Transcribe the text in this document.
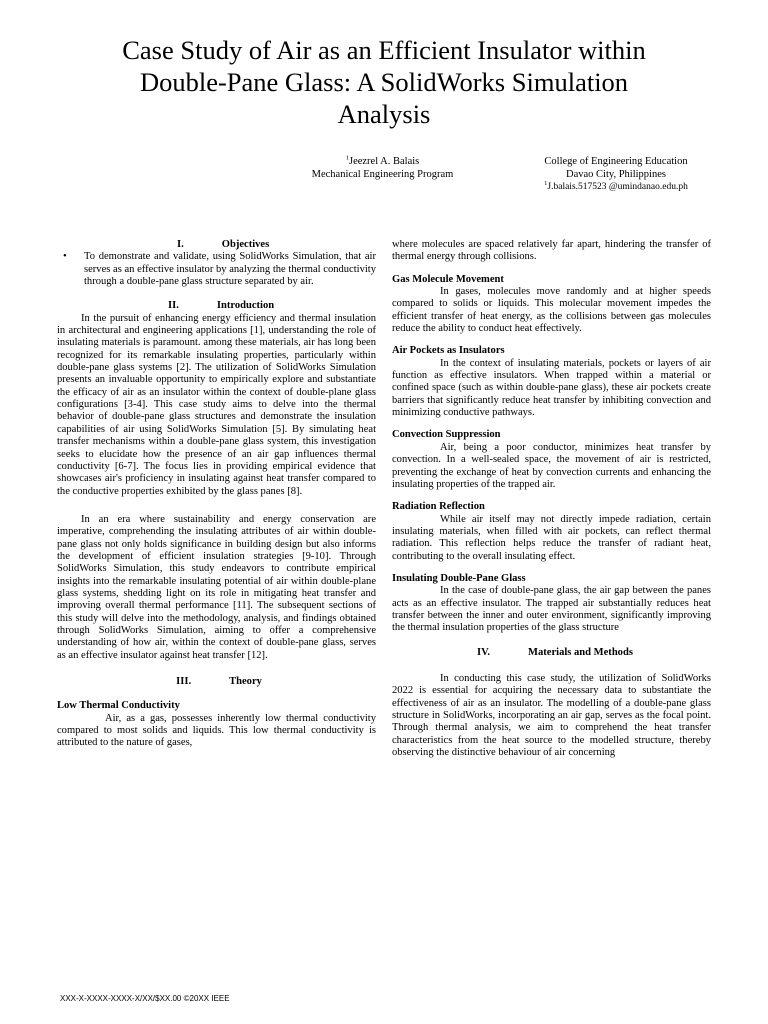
Case Study of Air as an Efficient Insulator within
Double-Pane Glass: A SolidWorks Simulation
Analysis
$^1$Jeezrel A. Balais
Mechanical Engineering Program
College of Engineering Education
Davao City, Philippines
$^1$J.balais.517523 @umindanao.edu.ph
I.	Objectives
• To demonstrate and validate, using SolidWorks Simulation, that air serves as an effective insulator by analyzing the thermal conductivity through a double-pane glass structure separated by air.
II.	Introduction

In the pursuit of enhancing energy efficiency and thermal insulation in architectural and engineering applications [1], understanding the role of insulating materials is paramount. among these materials, air has long been recognized for its remarkable insulating properties, particularly within double-pane glass systems [2]. The utilization of SolidWorks Simulation presents an invaluable opportunity to empirically explore and substantiate the efficacy of air as an insulator within the context of double-plane glass configurations [3-4]. This case study aims to delve into the thermal behavior of double-pane glass structures and demonstrate the insulation capabilities of air using SolidWorks Simulation [5]. By simulating heat transfer mechanisms within a double-pane glass system, this investigation seeks to elucidate how the presence of an air gap influences thermal conductivity [6-7]. The focus lies in providing empirical evidence that showcases air's proficiency in insulating against heat transfer compared to the conductive properties exhibited by the glass panes [8].

In an era where sustainability and energy conservation are imperative, comprehending the insulating attributes of air within double-pane glass not only holds significance in building design but also informs the development of efficient insulation strategies [9-10]. Through SolidWorks Simulation, this study endeavors to contribute empirical insights into the remarkable insulating potential of air within double-plane glass systems, shedding light on its role in mitigating heat transfer and improving overall thermal performance [11]. The subsequent sections of this study will delve into the methodology, analysis, and findings obtained through SolidWorks Simulation, aiming to offer a comprehensive understanding of how air, within the context of double-pane glass, serves as an effective insulator against heat transfer [12].

III.	Theory
Low Thermal Conductivity

Air, as a gas, possesses inherently low thermal conductivity compared to most solids and liquids. This low thermal conductivity is attributed to the nature of gases,

where molecules are spaced relatively far apart, hindering the transfer of thermal energy through collisions.

Gas Molecule Movement

In gases, molecules move randomly and at higher speeds compared to solids or liquids. This molecular movement impedes the efficient transfer of heat energy, as the collisions between gas molecules reduce the ability to conduct heat effectively.

Air Pockets as Insulators

In the context of insulating materials, pockets or layers of air function as effective insulators. When trapped within a material or confined space (such as within double-pane glass), these air pockets create barriers that significantly reduce heat transfer by inhibiting convection and minimizing conductive pathways.

Convection Suppression

Air, being a poor conductor, minimizes heat transfer by convection. In a well-sealed space, the movement of air is restricted, preventing the exchange of heat by convection currents and enhancing the insulating properties of the trapped air.

Radiation Reflection

While air itself may not directly impede radiation, certain insulating materials, when filled with air pockets, can reflect thermal radiation. This reflection helps reduce the transfer of radiant heat, contributing to the overall insulating effect.

Insulating Double-Pane Glass

In the case of double-pane glass, the air gap between the panes acts as an effective insulator. The trapped air substantially reduces heat transfer between the inner and outer environment, significantly improving the thermal insulation properties of the glass structure

IV.	Materials and Methods

In conducting this case study, the utilization of SolidWorks 2022 is essential for acquiring the necessary data to substantiate the effectiveness of air as an insulator. The modelling of a double-pane glass structure in SolidWorks, incorporating an air gap, serves as the focal point. Through thermal analysis, we aim to comprehend the heat transfer characteristics from the heat source to the modelled structure, thereby observing the distinctive behaviour of air concerning

XXX-X-XXXX-XXXX-X/XX/$XX.00 ©20XX IEEE
